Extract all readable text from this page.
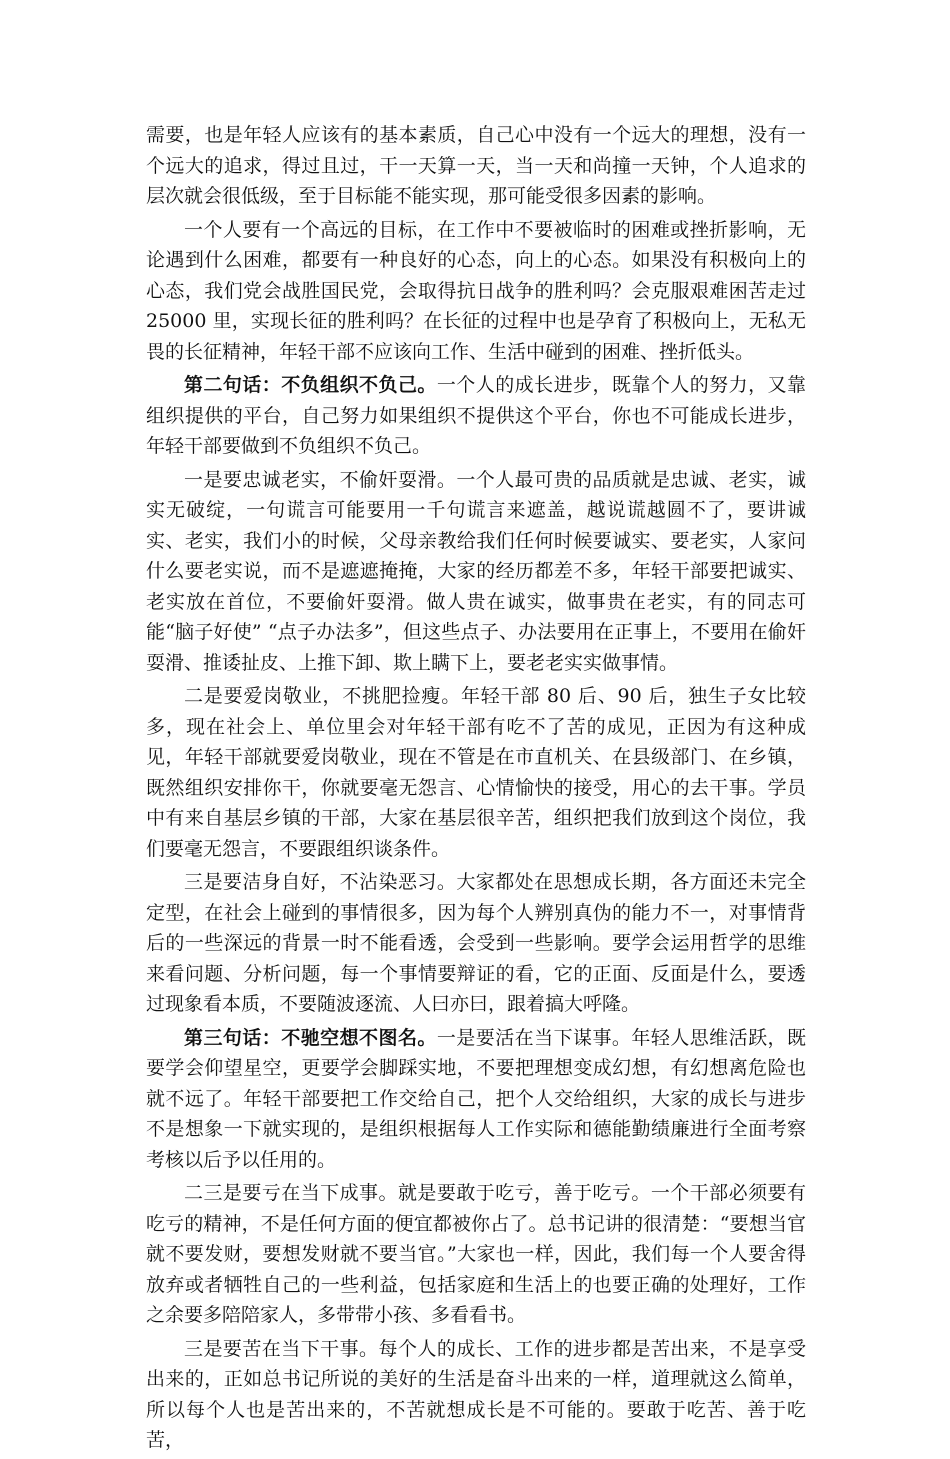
需要，也是年轻人应该有的基本素质，自己心中没有一个远大的理想，没有一个远大的追求，得过且过，干一天算一天，当一天和尚撞一天钟，个人追求的层次就会很低级，至于目标能不能实现，那可能受很多因素的影响。

一个人要有一个高远的目标，在工作中不要被临时的困难或挫折影响，无论遇到什么困难，都要有一种良好的心态，向上的心态。如果没有积极向上的心态，我们党会战胜国民党，会取得抗日战争的胜利吗？会克服艰难困苦走过 25000 里，实现长征的胜利吗？在长征的过程中也是孕育了积极向上，无私无畏的长征精神，年轻干部不应该向工作、生活中碰到的困难、挫折低头。

第二句话：不负组织不负己。一个人的成长进步，既靠个人的努力，又靠组织提供的平台，自己努力如果组织不提供这个平台，你也不可能成长进步，年轻干部要做到不负组织不负己。

一是要忠诚老实，不偷奸耍滑。一个人最可贵的品质就是忠诚、老实，诚实无破绽，一句谎言可能要用一千句谎言来遮盖，越说谎越圆不了，要讲诚实、老实，我们小的时候，父母亲教给我们任何时候要诚实、要老实，人家问什么要老实说，而不是遮遮掩掩，大家的经历都差不多，年轻干部要把诚实、老实放在首位，不要偷奸耍滑。做人贵在诚实，做事贵在老实，有的同志可能“脑子好使” “点子办法多”，但这些点子、办法要用在正事上，不要用在偷奸耍滑、推诿扯皮、上推下卸、欺上瞒下上，要老老实实做事情。

二是要爱岗敬业，不挑肥捡瘦。年轻干部 80 后、90 后，独生子女比较多，现在社会上、单位里会对年轻干部有吃不了苦的成见，正因为有这种成见，年轻干部就要爱岗敬业，现在不管是在市直机关、在县级部门、在乡镇，既然组织安排你干，你就要毫无怨言、心情愉快的接受，用心的去干事。学员中有来自基层乡镇的干部，大家在基层很辛苦，组织把我们放到这个岗位，我们要毫无怨言，不要跟组织谈条件。

三是要洁身自好，不沾染恶习。大家都处在思想成长期，各方面还未完全定型，在社会上碰到的事情很多，因为每个人辨别真伪的能力不一，对事情背后的一些深远的背景一时不能看透，会受到一些影响。要学会运用哲学的思维来看问题、分析问题，每一个事情要辩证的看，它的正面、反面是什么，要透过现象看本质，不要随波逐流、人曰亦曰，跟着搞大呼隆。

第三句话：不驰空想不图名。一是要活在当下谋事。年轻人思维活跃，既要学会仰望星空，更要学会脚踩实地，不要把理想变成幻想，有幻想离危险也就不远了。年轻干部要把工作交给自己，把个人交给组织，大家的成长与进步不是想象一下就实现的，是组织根据每人工作实际和德能勤绩廉进行全面考察考核以后予以任用的。

二三是要亏在当下成事。就是要敢于吃亏，善于吃亏。一个干部必须要有吃亏的精神，不是任何方面的便宜都被你占了。总书记讲的很清楚：“要想当官就不要发财，要想发财就不要当官。”大家也一样，因此，我们每一个人要舍得放弃或者牺牲自己的一些利益，包括家庭和生活上的也要正确的处理好，工作之余要多陪陪家人，多带带小孩、多看看书。

三是要苦在当下干事。每个人的成长、工作的进步都是苦出来，不是享受出来的，正如总书记所说的美好的生活是奋斗出来的一样，道理就这么简单，所以每个人也是苦出来的，不苦就想成长是不可能的。要敢于吃苦、善于吃苦，
